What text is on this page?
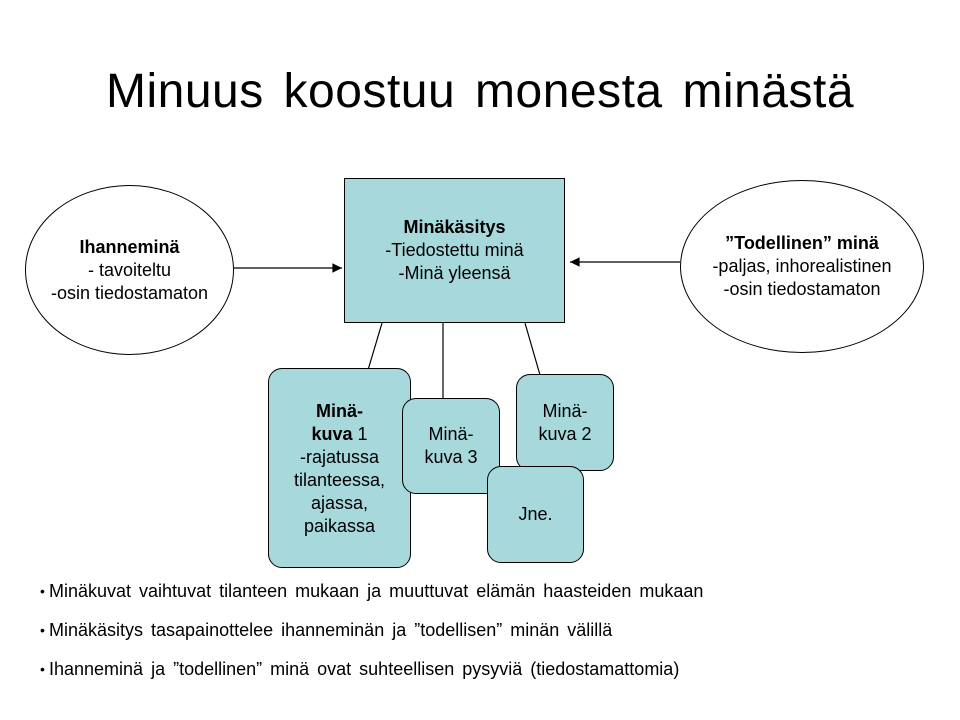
Minuus koostuu monesta minästä
Ihanneminä
- tavoiteltu
-osin tiedostamaton
Minäkäsitys
-Tiedostettu minä
-Minä yleensä
”Todellinen” minä
-paljas, inhorealistinen
-osin tiedostamaton
Minä-
kuva 1
-rajatussa
tilanteessa,
ajassa,
paikassa
Minä-
kuva 3
Minä-
kuva 2
Jne.
• Minäkuvat vaihtuvat tilanteen mukaan ja muuttuvat elämän haasteiden mukaan
• Minäkäsitys tasapainottelee ihanneminän ja ”todellisen” minän välillä
• Ihanneminä ja ”todellinen” minä ovat suhteellisen pysyviä (tiedostamattomia)
